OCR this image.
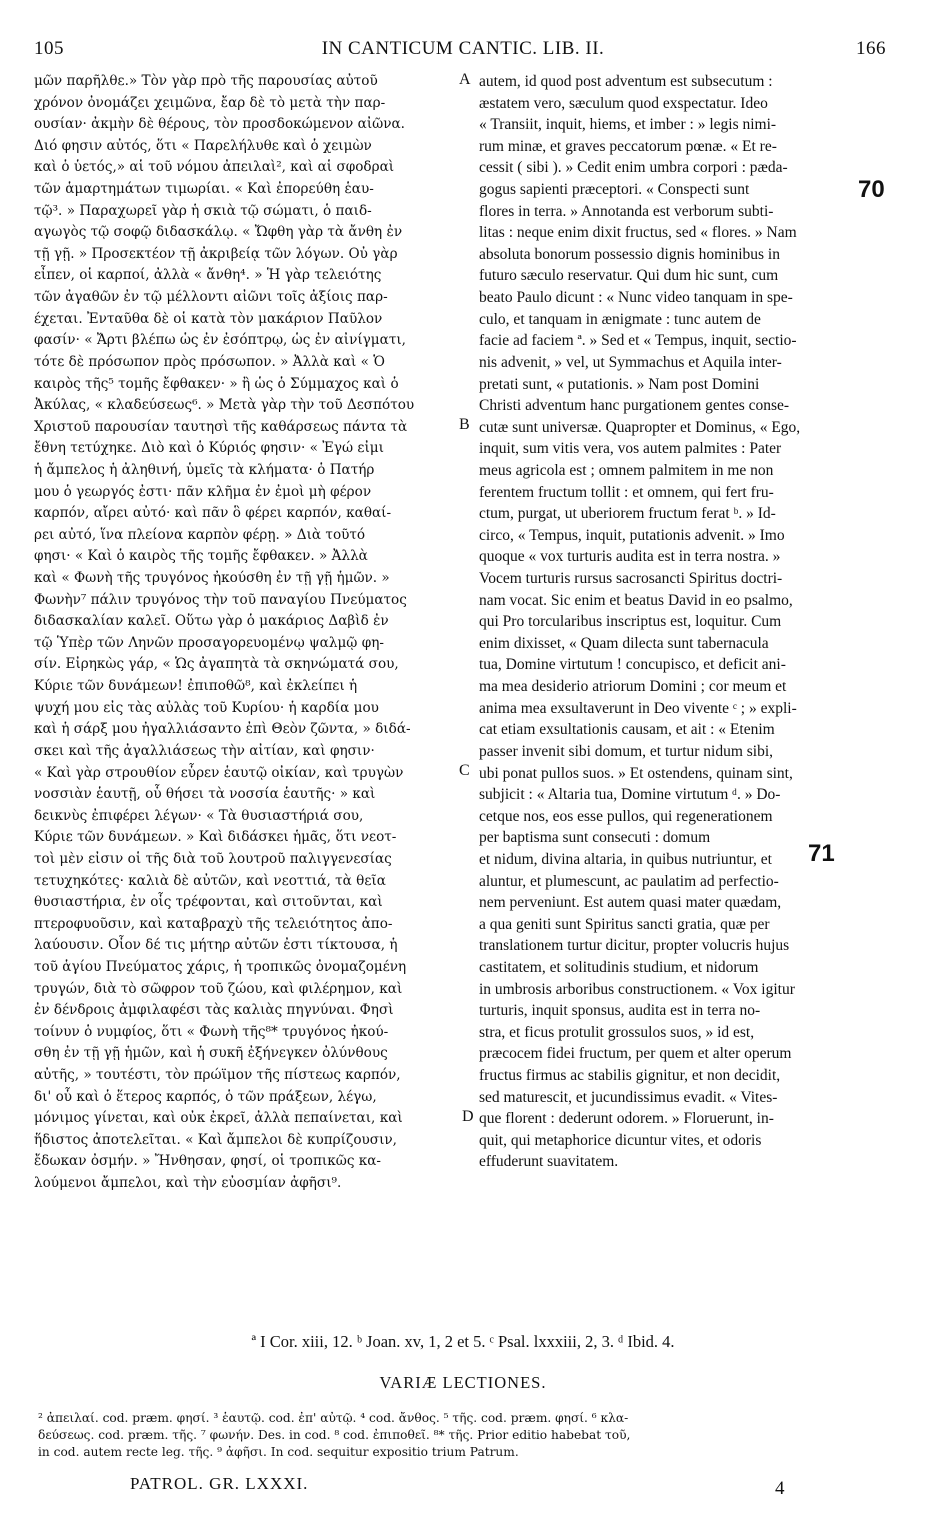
105	IN CANTICUM CANTIC. LIB. II.	166
μῶν παρῆλθε.» Τὸν γὰρ πρὸ τῆς παρουσίας αὐτοῦ
χρόνον ὀνομάζει χειμῶνα, ἔαρ δὲ τὸ μετὰ τὴν παρ-
ουσίαν· ἀκμὴν δὲ θέρους, τὸν προσδοκώμενον αἰῶνα.
Διό φησιν αὐτός, ὅτι « Παρελήλυθε καὶ ὁ χειμὼν
καὶ ὁ ὑετός,» αἱ τοῦ νόμου ἀπειλαὶ², καὶ αἱ σφοδραὶ
τῶν ἁμαρτημάτων τιμωρίαι. « Καὶ ἐπορεύθη ἑαυ-
τῷ³. » Παραχωρεῖ γὰρ ἡ σκιὰ τῷ σώματι, ὁ παιδ-
αγωγὸς τῷ σοφῷ διδασκάλῳ. « Ὤφθη γὰρ τὰ ἄνθη ἐν
τῇ γῇ. » Προσεκτέον τῇ ἀκριβείᾳ τῶν λόγων. Οὐ γὰρ
εἶπεν, οἱ καρποί, ἀλλὰ « ἄνθη⁴. » Ἡ γὰρ τελειότης
τῶν ἀγαθῶν ἐν τῷ μέλλοντι αἰῶνι τοῖς ἀξίοις παρ-
έχεται. Ἐνταῦθα δὲ οἱ κατὰ τὸν μακάριον Παῦλον
φασίν· « Ἄρτι βλέπω ὡς ἐν ἐσόπτρῳ, ὡς ἐν αἰνίγματι,
τότε δὲ πρόσωπον πρὸς πρόσωπον. » Ἀλλὰ καὶ « Ὁ
καιρὸς τῆς⁵ τομῆς ἔφθακεν· » ἢ ὡς ὁ Σύμμαχος καὶ ὁ
Ἀκύλας, « κλαδεύσεως⁶. » Μετὰ γὰρ τὴν τοῦ Δεσπότου
Χριστοῦ παρουσίαν ταυτησὶ τῆς καθάρσεως πάντα τὰ
ἔθνη τετύχηκε. Διὸ καὶ ὁ Κύριός φησιν· « Ἐγώ εἰμι
ἡ ἄμπελος ἡ ἀληθινή, ὑμεῖς τὰ κλήματα· ὁ Πατήρ
μου ὁ γεωργός ἐστι· πᾶν κλῆμα ἐν ἐμοὶ μὴ φέρον
καρπόν, αἴρει αὐτό· καὶ πᾶν ὃ φέρει καρπόν, καθαί-
ρει αὐτό, ἵνα πλείονα καρπὸν φέρῃ. » Διὰ τοῦτό
φησι· « Καὶ ὁ καιρὸς τῆς τομῆς ἔφθακεν. » Ἀλλὰ
καὶ « Φωνὴ τῆς τρυγόνος ἠκούσθη ἐν τῇ γῇ ἡμῶν. »
Φωνὴν⁷ πάλιν τρυγόνος τὴν τοῦ παναγίου Πνεύματος
διδασκαλίαν καλεῖ. Οὕτω γὰρ ὁ μακάριος Δαβὶδ ἐν
τῷ Ὑπὲρ τῶν Ληνῶν προσαγορευομένῳ ψαλμῷ φη-
σίν. Εἰρηκὼς γάρ, « Ὡς ἀγαπητὰ τὰ σκηνώματά σου,
Κύριε τῶν δυνάμεων! ἐπιποθῶ⁸, καὶ ἐκλείπει ἡ
ψυχή μου εἰς τὰς αὐλὰς τοῦ Κυρίου· ἡ καρδία μου
καὶ ἡ σάρξ μου ἠγαλλιάσαντο ἐπὶ Θεὸν ζῶντα, » διδά-
σκει καὶ τῆς ἀγαλλιάσεως τὴν αἰτίαν, καὶ φησιν·
« Καὶ γὰρ στρουθίον εὗρεν ἑαυτῷ οἰκίαν, καὶ τρυγὼν
νοσσιὰν ἑαυτῇ, οὗ θήσει τὰ νοσσία ἑαυτῆς· » καὶ
δεικνὺς ἐπιφέρει λέγων· « Τὰ θυσιαστήριά σου,
Κύριε τῶν δυνάμεων. » Καὶ διδάσκει ἡμᾶς, ὅτι νεοτ-
τοὶ μὲν εἰσιν οἱ τῆς διὰ τοῦ λουτροῦ παλιγγενεσίας
τετυχηκότες· καλιὰ δὲ αὐτῶν, καὶ νεοττιά, τὰ θεῖα
θυσιαστήρια, ἐν οἷς τρέφονται, καὶ σιτοῦνται, καὶ
πτεροφυοῦσιν, καὶ καταβραχὺ τῆς τελειότητος ἀπο-
λαύουσιν. Οἷον δέ τις μήτηρ αὐτῶν ἐστι τίκτουσα, ἡ
τοῦ ἁγίου Πνεύματος χάρις, ἡ τροπικῶς ὀνομαζομένη
τρυγών, διὰ τὸ σῶφρον τοῦ ζώου, καὶ φιλέρημον, καὶ
ἐν δένδροις ἀμφιλαφέσι τὰς καλιὰς πηγνύναι. Φησὶ
τοίνυν ὁ νυμφίος, ὅτι « Φωνὴ τῆς⁸* τρυγόνος ἠκού-
σθη ἐν τῇ γῇ ἡμῶν, καὶ ἡ συκῆ ἐξήνεγκεν ὀλύνθους
αὐτῆς, » τουτέστι, τὸν πρώϊμον τῆς πίστεως καρπόν,
δι' οὗ καὶ ὁ ἕτερος καρπός, ὁ τῶν πράξεων, λέγω,
μόνιμος γίνεται, καὶ οὐκ ἐκρεῖ, ἀλλὰ πεπαίνεται, καὶ
ἥδιστος ἀποτελεῖται. « Καὶ ἄμπελοι δὲ κυπρίζουσιν,
ἔδωκαν ὀσμήν. » Ἤνθησαν, φησί, οἱ τροπικῶς κα-
λούμενοι ἄμπελοι, καὶ τὴν εὐοσμίαν ἀφῆσι⁹.
autem, id quod post adventum est subsecutum :
æstatem vero, sæculum quod exspectatur. Ideo
« Transiit, inquit, hiems, et imber : » legis nimi-
rum minæ, et graves peccatorum pœnæ. « Et re-
cessit ( sibi ). » Cedit enim umbra corpori : pæda-
gogus sapienti præceptori. « Conspecti sunt
flores in terra. » Annotanda est verborum subti-
litas : neque enim dixit fructus, sed « flores. » Nam
absoluta bonorum possessio dignis hominibus in
futuro sæculo reservatur. Qui dum hic sunt, cum
beato Paulo dicunt : « Nunc video tanquam in spe-
culo, et tanquam in ænigmate : tunc autem de
facie ad faciem ª. » Sed et « Tempus, inquit, sectio-
nis advenit, » vel, ut Symmachus et Aquila inter-
pretati sunt, « putationis. » Nam post Domini
Christi adventum hanc purgationem gentes conse-
cutæ sunt universæ. Quapropter et Dominus, « Ego,
inquit, sum vitis vera, vos autem palmites : Pater
meus agricola est ; omnem palmitem in me non
ferentem fructum tollit : et omnem, qui fert fru-
ctum, purgat, ut uberiorem fructum ferat ᵇ. » Id-
circo, « Tempus, inquit, putationis advenit. » Imo
quoque « vox turturis audita est in terra nostra. »
Vocem turturis rursus sacrosancti Spiritus doctri-
nam vocat. Sic enim et beatus David in eo psalmo,
qui Pro torcularibus inscriptus est, loquitur. Cum
enim dixisset, « Quam dilecta sunt tabernacula
tua, Domine virtutum ! concupisco, et deficit ani-
ma mea desiderio atriorum Domini ; cor meum et
anima mea exsultaverunt in Deo vivente ᶜ ; » expli-
cat etiam exsultationis causam, et ait : « Etenim
passer invenit sibi domum, et turtur nidum sibi,
ubi ponat pullos suos. » Et ostendens, quinam sint,
subjicit : « Altaria tua, Domine virtutum ᵈ. » Do-
cetque nos, eos esse pullos, qui regenerationem
per baptisma sunt consecuti : domum
et nidum, divina altaria, in quibus nutriuntur, et
aluntur, et plumescunt, ac paulatim ad perfectio-
nem perveniunt. Est autem quasi mater quædam,
a qua geniti sunt Spiritus sancti gratia, quæ per
translationem turtur dicitur, propter volucris hujus
castitatem, et solitudinis studium, et nidorum
in umbrosis arboribus constructionem. « Vox igitur
turturis, inquit sponsus, audita est in terra no-
stra, et ficus protulit grossulos suos, » id est,
præcocem fidei fructum, per quem et alter operum
fructus firmus ac stabilis gignitur, et non decidit,
sed maturescit, et jucundissimus evadit. « Vites-
que florent : dederunt odorem. » Floruerunt, in-
quit, qui metaphorice dicuntur vites, et odoris
effuderunt suavitatem.
A
B
C
D
70
71
ª I Cor. xiii, 12. ᵇ Joan. xv, 1, 2 et 5. ᶜ Psal. lxxxiii, 2, 3. ᵈ Ibid. 4.
VARIÆ LECTIONES.
² ἀπειλαί. cod. præm. φησί. ³ ἑαυτῷ. cod. ἐπ' αὐτῷ. ⁴ cod. ἄνθος. ⁵ τῆς. cod. præm. φησί. ⁶ κλα-
δεύσεως. cod. præm. τῆς. ⁷ φωνήν. Des. in cod. ⁸ cod. ἐπιποθεῖ. ⁸* τῆς. Prior editio habebat τοῦ,
in cod. autem recte leg. τῆς. ⁹ ἀφῆσι. In cod. sequitur expositio trium Patrum.
PATROL. GR. LXXXI.	4
